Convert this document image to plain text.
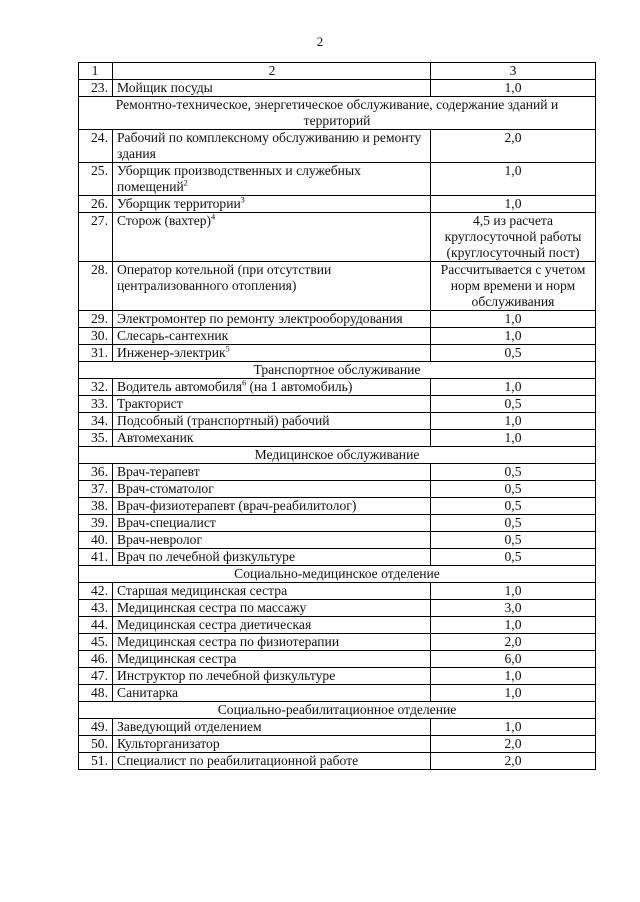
2
1	2	3
23.	Мойщик посуды	1,0
Ремонтно-техническое, энергетическое обслуживание, содержание зданий и территорий		
24.	Рабочий по комплексному обслуживанию и ремонту здания	2,0
25.	Уборщик производственных и служебных помещений$^2$	1,0
26.	Уборщик территории$^3$	1,0
27.	Сторож (вахтер)$^4$	4,5 из расчета круглосуточной работы (круглосуточный пост)
28.	Оператор котельной (при отсутствии централизованного отопления)	Рассчитывается с учетом норм времени и норм обслуживания
29.	Электромонтер по ремонту электрооборудования	1,0
30.	Слесарь-сантехник	1,0
31.	Инженер-электрик$^5$	0,5
Транспортное обслуживание		
32.	Водитель автомобиля$^6$ (на 1 автомобиль)	1,0
33.	Тракторист	0,5
34.	Подсобный (транспортный) рабочий	1,0
35.	Автомеханик	1,0
Медицинское обслуживание		
36.	Врач-терапевт	0,5
37.	Врач-стоматолог	0,5
38.	Врач-физиотерапевт (врач-реабилитолог)	0,5
39.	Врач-специалист	0,5
40.	Врач-невролог	0,5
41.	Врач по лечебной физкультуре	0,5
Социально-медицинское отделение		
42.	Старшая медицинская сестра	1,0
43.	Медицинская сестра по массажу	3,0
44.	Медицинская сестра диетическая	1,0
45.	Медицинская сестра по физиотерапии	2,0
46.	Медицинская сестра	6,0
47.	Инструктор по лечебной физкультуре	1,0
48.	Санитарка	1,0
Социально-реабилитационное отделение		
49.	Заведующий отделением	1,0
50.	Культорганизатор	2,0
51.	Специалист по реабилитационной работе	2,0
